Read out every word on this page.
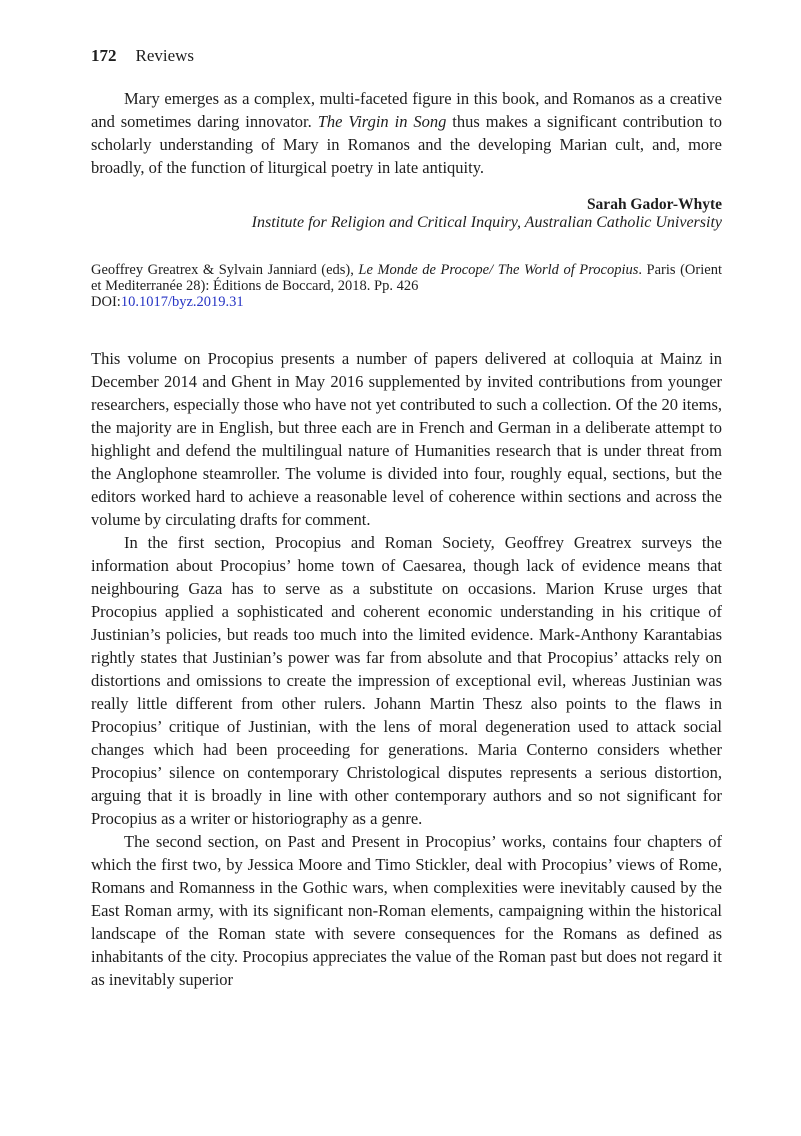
172 Reviews

Mary emerges as a complex, multi-faceted figure in this book, and Romanos as a creative and sometimes daring innovator. The Virgin in Song thus makes a significant contribution to scholarly understanding of Mary in Romanos and the developing Marian cult, and, more broadly, of the function of liturgical poetry in late antiquity.

Sarah Gador-Whyte
Institute for Religion and Critical Inquiry, Australian Catholic University
Geoffrey Greatrex & Sylvain Janniard (eds), Le Monde de Procope/ The World of Procopius. Paris (Orient et Mediterranée 28): Éditions de Boccard, 2018. Pp. 426
DOI:10.1017/byz.2019.31

This volume on Procopius presents a number of papers delivered at colloquia at Mainz in December 2014 and Ghent in May 2016 supplemented by invited contributions from younger researchers, especially those who have not yet contributed to such a collection. Of the 20 items, the majority are in English, but three each are in French and German in a deliberate attempt to highlight and defend the multilingual nature of Humanities research that is under threat from the Anglophone steamroller. The volume is divided into four, roughly equal, sections, but the editors worked hard to achieve a reasonable level of coherence within sections and across the volume by circulating drafts for comment.

In the first section, Procopius and Roman Society, Geoffrey Greatrex surveys the information about Procopius’ home town of Caesarea, though lack of evidence means that neighbouring Gaza has to serve as a substitute on occasions. Marion Kruse urges that Procopius applied a sophisticated and coherent economic understanding in his critique of Justinian’s policies, but reads too much into the limited evidence. Mark-Anthony Karantabias rightly states that Justinian’s power was far from absolute and that Procopius’ attacks rely on distortions and omissions to create the impression of exceptional evil, whereas Justinian was really little different from other rulers. Johann Martin Thesz also points to the flaws in Procopius’ critique of Justinian, with the lens of moral degeneration used to attack social changes which had been proceeding for generations. Maria Conterno considers whether Procopius’ silence on contemporary Christological disputes represents a serious distortion, arguing that it is broadly in line with other contemporary authors and so not significant for Procopius as a writer or historiography as a genre.

The second section, on Past and Present in Procopius’ works, contains four chapters of which the first two, by Jessica Moore and Timo Stickler, deal with Procopius’ views of Rome, Romans and Romanness in the Gothic wars, when complexities were inevitably caused by the East Roman army, with its significant non-Roman elements, campaigning within the historical landscape of the Roman state with severe consequences for the Romans as defined as inhabitants of the city. Procopius appreciates the value of the Roman past but does not regard it as inevitably superior
